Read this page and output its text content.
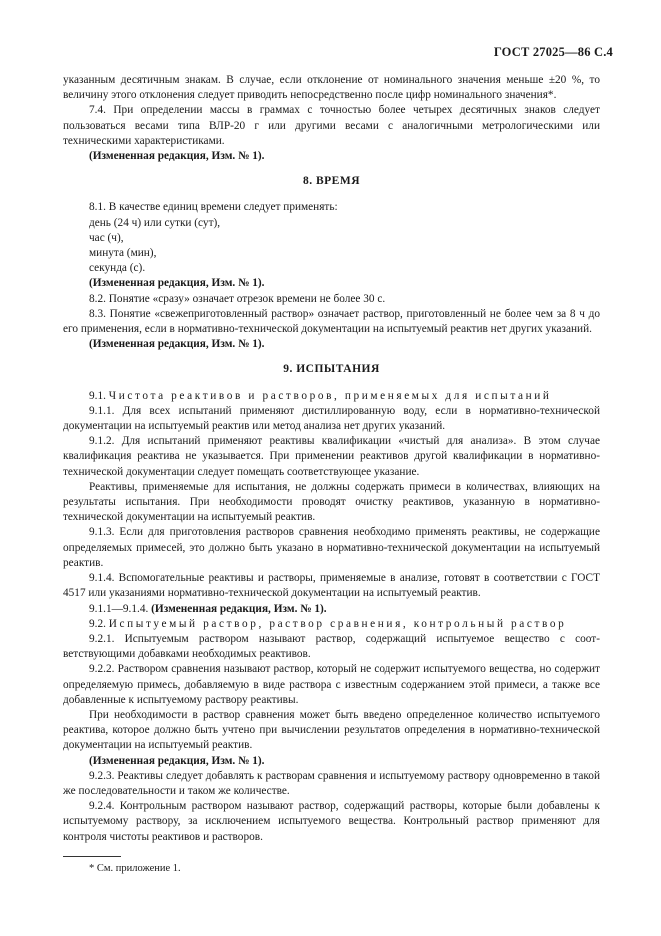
ГОСТ 27025—86 С.4

указанным десятичным знакам. В случае, если отклонение от номинального значения меньше ±20 %, то величину этого отклонения следует приводить непосредственно после цифр номинального значения*.

7.4. При определении массы в граммах с точностью более четырех десятичных знаков следует пользоваться весами типа ВЛР-20 г или другими весами с аналогичными метрологическими или техническими характеристиками.

(Измененная редакция, Изм. № 1).

8. ВРЕМЯ

8.1. В качестве единиц времени следует применять:

день (24 ч) или сутки (сут),

час (ч),

минута (мин),

секунда (с).

(Измененная редакция, Изм. № 1).

8.2. Понятие «сразу» означает отрезок времени не более 30 с.

8.3. Понятие «свежеприготовленный раствор» означает раствор, приготовленный не более чем за 8 ч до его применения, если в нормативно-технической документации на испытуемый реактив нет других указаний.

(Измененная редакция, Изм. № 1).

9. ИСПЫТАНИЯ

9.1. Чистота реактивов и растворов, применяемых для испытаний

9.1.1. Для всех испытаний применяют дистиллированную воду, если в нормативно-технической документации на испытуемый реактив или метод анализа нет других указаний.

9.1.2. Для испытаний применяют реактивы квалификации «чистый для анализа». В этом случае квалификация реактива не указывается. При применении реактивов другой квалификации в нормативно-технической документации следует помещать соответствующее указание.

Реактивы, применяемые для испытания, не должны содержать примеси в количествах, влияющих на результаты испытания. При необходимости проводят очистку реактивов, указанную в нормативно-технической документации на испытуемый реактив.

9.1.3. Если для приготовления растворов сравнения необходимо применять реактивы, не содержащие определяемых примесей, это должно быть указано в нормативно-технической документации на испытуемый реактив.

9.1.4. Вспомогательные реактивы и растворы, применяемые в анализе, готовят в соответствии с ГОСТ 4517 или указаниями нормативно-технической документации на испытуемый реактив.

9.1.1—9.1.4. (Измененная редакция, Изм. № 1).

9.2. Испытуемый раствор, раствор сравнения, контрольный раствор

9.2.1. Испытуемым раствором называют раствор, содержащий испытуемое вещество с соответствующими добавками необходимых реактивов.

9.2.2. Раствором сравнения называют раствор, который не содержит испытуемого вещества, но содержит определяемую примесь, добавляемую в виде раствора с известным содержанием этой примеси, а также все добавленные к испытуемому раствору реактивы.

При необходимости в раствор сравнения может быть введено определенное количество испытуемого реактива, которое должно быть учтено при вычислении результатов определения в нормативно-технической документации на испытуемый реактив.

(Измененная редакция, Изм. № 1).

9.2.3. Реактивы следует добавлять к растворам сравнения и испытуемому раствору одновременно в такой же последовательности и таком же количестве.

9.2.4. Контрольным раствором называют раствор, содержащий растворы, которые были добавлены к испытуемому раствору, за исключением испытуемого вещества. Контрольный раствор применяют для контроля чистоты реактивов и растворов.

* См. приложение 1.
